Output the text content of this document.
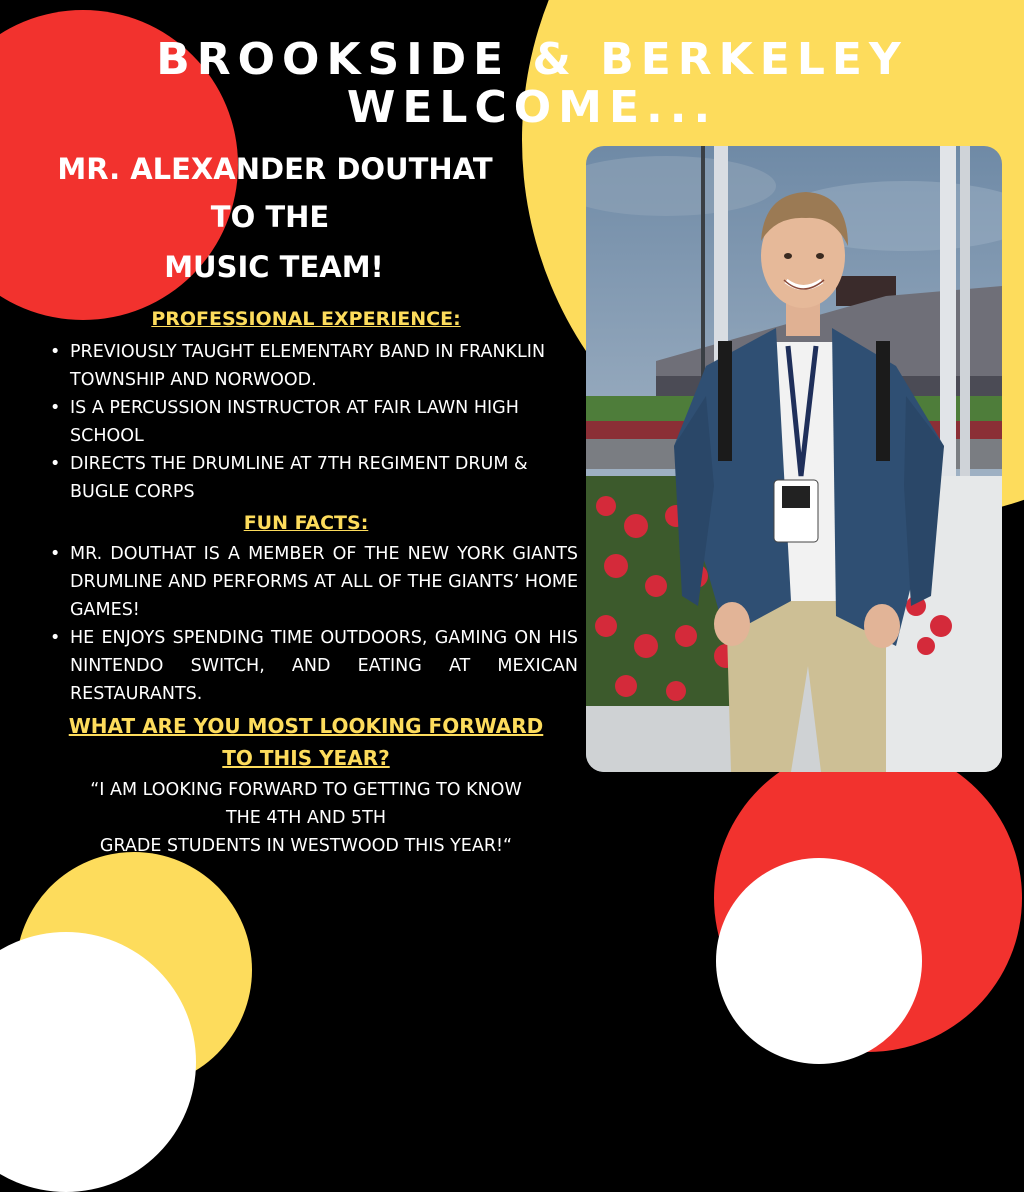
BROOKSIDE & BERKELEY
WELCOME...
MR. ALEXANDER DOUTHAT
TO THE
MUSIC TEAM!
PROFESSIONAL EXPERIENCE:
• PREVIOUSLY TAUGHT ELEMENTARY BAND IN FRANKLIN TOWNSHIP AND NORWOOD.
• IS A PERCUSSION INSTRUCTOR AT FAIR LAWN HIGH SCHOOL
• DIRECTS THE DRUMLINE AT 7TH REGIMENT DRUM & BUGLE CORPS
FUN FACTS:
• MR. DOUTHAT IS A MEMBER OF THE NEW YORK GIANTS DRUMLINE AND PERFORMS AT ALL OF THE GIANTS’ HOME GAMES!
• HE ENJOYS SPENDING TIME OUTDOORS, GAMING ON HIS NINTENDO SWITCH, AND EATING AT MEXICAN RESTAURANTS.
WHAT ARE YOU MOST LOOKING FORWARD
TO THIS YEAR?
“I AM LOOKING FORWARD TO GETTING TO KNOW
THE 4TH AND 5TH
GRADE STUDENTS IN WESTWOOD THIS YEAR!“
